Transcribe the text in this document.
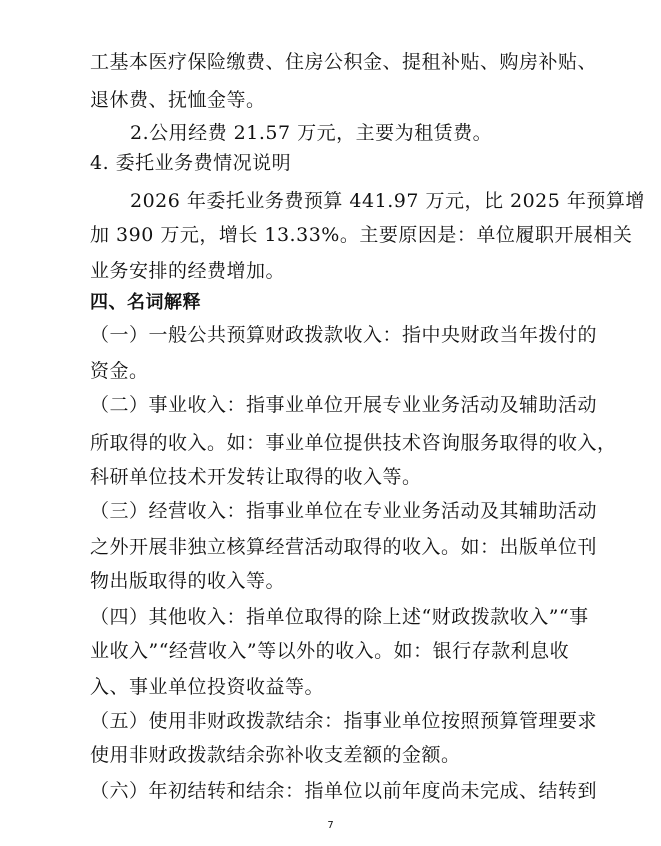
工基本医疗保险缴费、住房公积金、提租补贴、购房补贴、
退休费、抚恤金等。
2.公用经费 21.57 万元，主要为租赁费。
4. 委托业务费情况说明
2026 年委托业务费预算 441.97 万元，比 2025 年预算增
加 390 万元，增长 13.33%。主要原因是：单位履职开展相关
业务安排的经费增加。
四、名词解释
（一）一般公共预算财政拨款收入：指中央财政当年拨付的
资金。
（二）事业收入：指事业单位开展专业业务活动及辅助活动
所取得的收入。如：事业单位提供技术咨询服务取得的收入，
科研单位技术开发转让取得的收入等。
（三）经营收入：指事业单位在专业业务活动及其辅助活动
之外开展非独立核算经营活动取得的收入。如：出版单位刊
物出版取得的收入等。
（四）其他收入：指单位取得的除上述“财政拨款收入”“事
业收入”“经营收入”等以外的收入。如：银行存款利息收
入、事业单位投资收益等。
（五）使用非财政拨款结余：指事业单位按照预算管理要求
使用非财政拨款结余弥补收支差额的金额。
（六）年初结转和结余：指单位以前年度尚未完成、结转到
7
